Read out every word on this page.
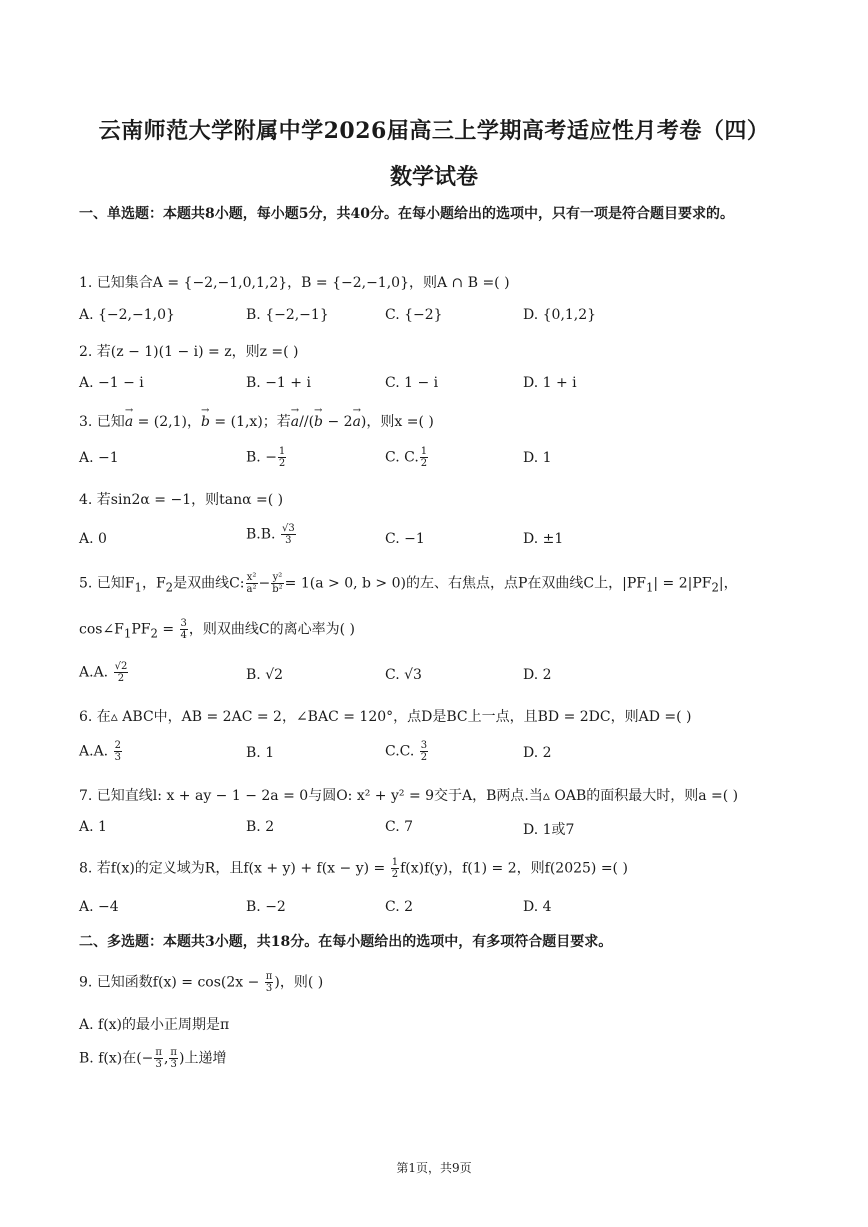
云南师范大学附属中学2026届高三上学期高考适应性月考卷（四）
数学试卷
一、单选题：本题共8小题，每小题5分，共40分。在每小题给出的选项中，只有一项是符合题目要求的。
1. 已知集合A = {−2,−1,0,1,2}，B = {−2,−1,0}，则A ∩ B =( )
A. {−2,−1,0}	B. {−2,−1}	C. {−2}	D. {0,1,2}
2. 若(z − 1)(1 − i) = z，则z =( )
A. −1 − i	B. −1 + i	C. 1 − i	D. 1 + i
3. 已知→ a = (2,1)，→ b = (1,x)；若→ a//(→ b − 2→ a)，则x =( )
A. −1	B. − $\frac{1}{2}$	C. C. $\frac{1}{2}$	D. 1
4. 若sin2α = −1，则tanα =( )
A. 0	B.B. $\frac{√3}{3}$	C. −1	D. ±1
5. 已知$F_1$，$F_2$是双曲线C: $\frac{\text{x²}}{\text{a²}} - \frac{\text{y²}}{\text{b²}} = 1(a > 0$, b > 0)的左、右焦点，点P在双曲线C上，$|PF_1| = 2|PF_2|$，
$\cos\angle F_1PF_2 = \frac{3}{4}$ ，则双曲线C的离心率为( )
A.A. $\frac{√2}{2}$	B. √2	C. √3	D. 2
6. 在▵ ABC中，AB = 2AC = 2，∠BAC = 120°，点D是BC上一点，且BD = 2DC，则AD =( )
A.A. $\frac{2}{3}$	B. 1	C.C. $\frac{3}{2}$	D. 2
7. 已知直线l: x + ay − 1 − 2a = 0与圆O: x² + y² = 9交于A，B两点.当▵ OAB的面积最大时，则a =( )
A. 1	B. 2	C. 7	D. 1或7
8. 若f(x)的定义域为R，且$f(x + y) + f(x - y) = \frac{1}{2} f(x)f(y)$，f(1) = 2，则f(2025) =( )
A. −4	B. −2	C. 2	D. 4
二、多选题：本题共3小题，共18分。在每小题给出的选项中，有多项符合题目要求。
9. 已知函数$f(x) = \cos(2x - \frac{\pi}{3}$ )，则( )
A. f(x)的最小正周期是π
B. f(x)在(− $\frac{\pi}{3}$ , $\frac{\pi}{3}$ )上递增
第1页，共9页
